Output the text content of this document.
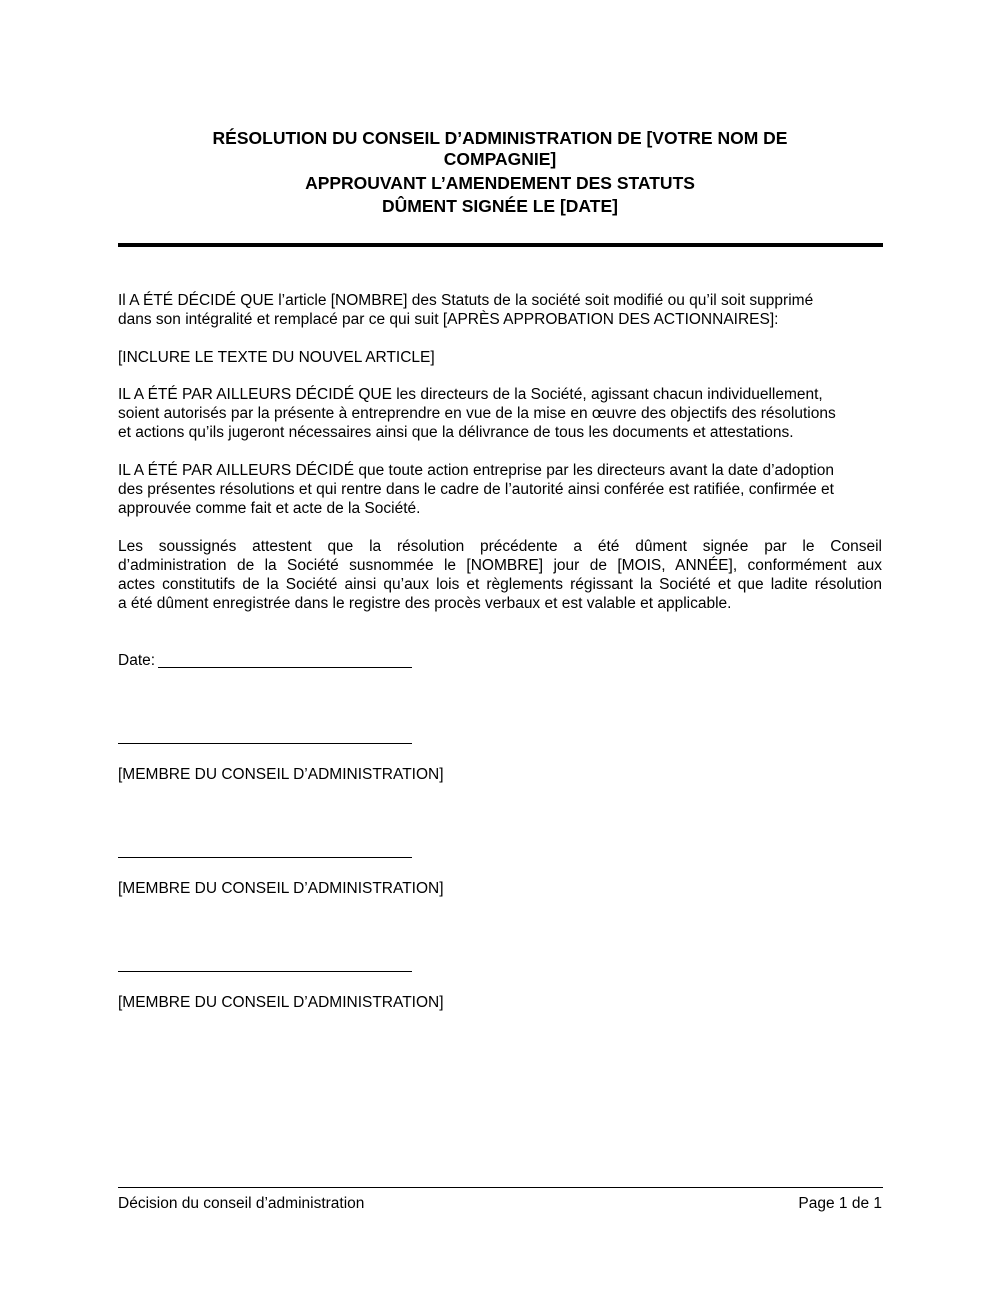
RÉSOLUTION DU CONSEIL D’ADMINISTRATION DE [VOTRE NOM DE
COMPAGNIE]
APPROUVANT L’AMENDEMENT DES STATUTS
DÛMENT SIGNÉE LE [DATE]
Il A ÉTÉ DÉCIDÉ QUE l’article [NOMBRE] des Statuts de la société soit modifié ou qu’il soit supprimé
dans son intégralité et remplacé par ce qui suit [APRÈS APPROBATION DES ACTIONNAIRES]:
[INCLURE LE TEXTE DU NOUVEL ARTICLE]
IL A ÉTÉ PAR AILLEURS DÉCIDÉ QUE les directeurs de la Société, agissant chacun individuellement,
soient autorisés par la présente à entreprendre en vue de la mise en œuvre des objectifs des résolutions
et actions qu’ils jugeront nécessaires ainsi que la délivrance de tous les documents et attestations.
IL A ÉTÉ PAR AILLEURS DÉCIDÉ que toute action entreprise par les directeurs avant la date d’adoption
des présentes résolutions et qui rentre dans le cadre de l’autorité ainsi conférée est ratifiée, confirmée et
approuvée comme fait et acte de la Société.
Les soussignés attestent que la résolution précédente a été dûment signée par le Conseil
d’administration de la Société susnommée le [NOMBRE] jour de [MOIS, ANNÉE], conformément aux
actes constitutifs de la Société ainsi qu’aux lois et règlements régissant la Société et que ladite résolution
a été dûment enregistrée dans le registre des procès verbaux et est valable et applicable.
Date:
[MEMBRE DU CONSEIL D’ADMINISTRATION]
[MEMBRE DU CONSEIL D’ADMINISTRATION]
[MEMBRE DU CONSEIL D’ADMINISTRATION]
Décision du conseil d’administration	Page 1 de 1
